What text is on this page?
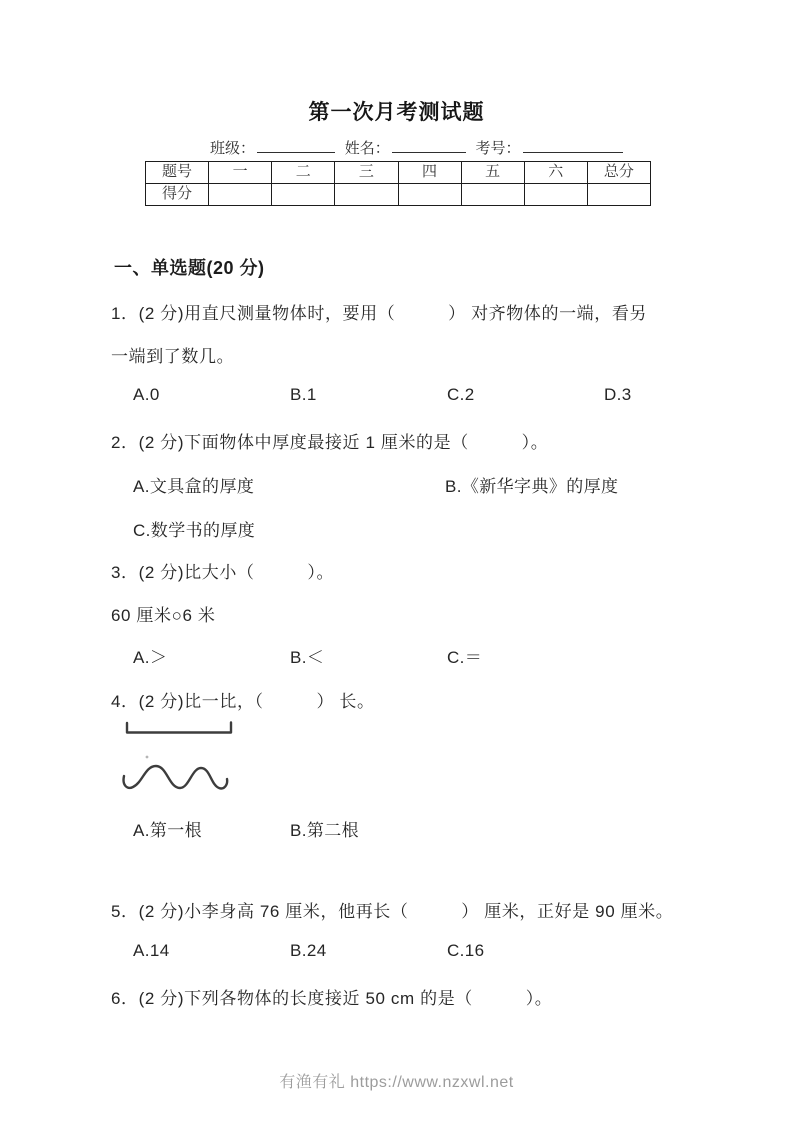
第一次月考测试题
班级：	姓名：	考号：
题号	一	二	三	四	五	六	总分
得分							
一、单选题(20 分)
1．(2 分)用直尺测量物体时，要用（　　　） 对齐物体的一端，看另
一端到了数几。
A.0	B.1	C.2	D.3
2．(2 分)下面物体中厚度最接近 1 厘米的是（　　　）。
A.文具盒的厚度	B.《新华字典》的厚度
C.数学书的厚度
3．(2 分)比大小（　　　）。
60 厘米○6 米
A.＞	B.＜	C.＝
4．(2 分)比一比，（　　　） 长。
A.第一根	B.第二根
5．(2 分)小李身高 76 厘米，他再长（　　　） 厘米，正好是 90 厘米。
A.14	B.24	C.16
6．(2 分)下列各物体的长度接近 50 cm 的是（　　　）。
有渔有礼 https://www.nzxwl.net
